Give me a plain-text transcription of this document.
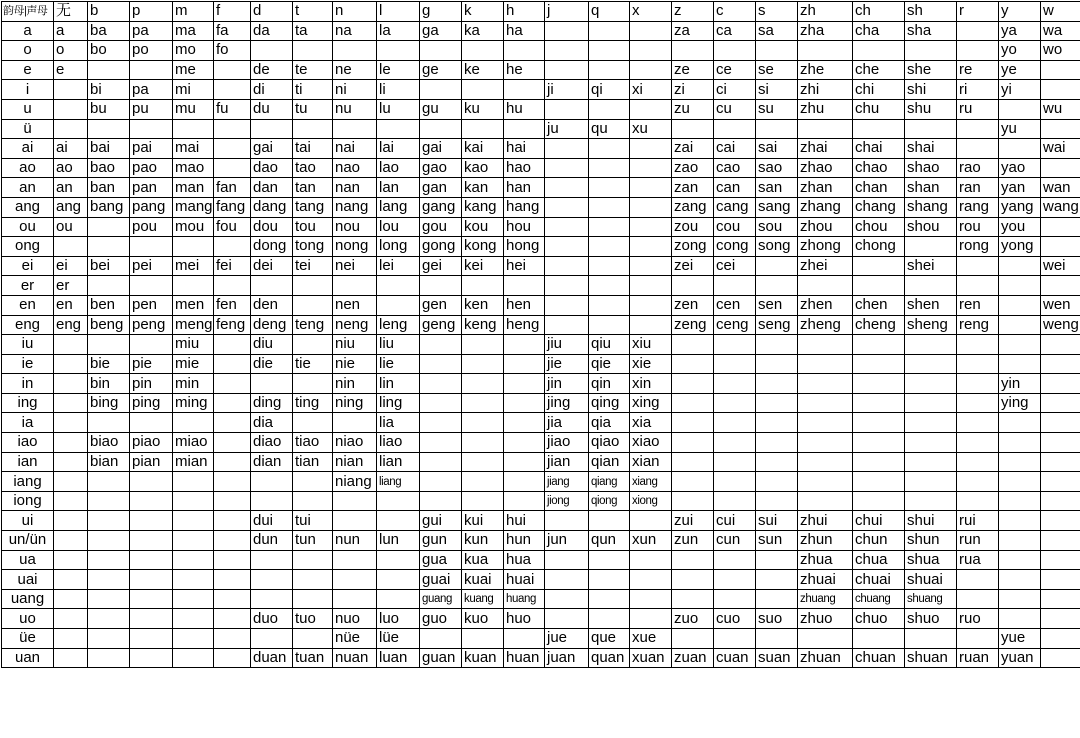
韵母|声母	无	b	p	m	f	d	t	n	l	g	k	h	j	q	x	z	c	s	zh	ch	sh	r	y	w
a	a	ba	pa	ma	fa	da	ta	na	la	ga	ka	ha				za	ca	sa	zha	cha	sha		ya	wa
o	o	bo	po	mo	fo																		yo	wo
e	e			me		de	te	ne	le	ge	ke	he				ze	ce	se	zhe	che	she	re	ye	
i		bi	pa	mi		di	ti	ni	li				ji	qi	xi	zi	ci	si	zhi	chi	shi	ri	yi	
u		bu	pu	mu	fu	du	tu	nu	lu	gu	ku	hu				zu	cu	su	zhu	chu	shu	ru		wu
ü													ju	qu	xu								yu	
ai	ai	bai	pai	mai		gai	tai	nai	lai	gai	kai	hai				zai	cai	sai	zhai	chai	shai			wai
ao	ao	bao	pao	mao		dao	tao	nao	lao	gao	kao	hao				zao	cao	sao	zhao	chao	shao	rao	yao	
an	an	ban	pan	man	fan	dan	tan	nan	lan	gan	kan	han				zan	can	san	zhan	chan	shan	ran	yan	wan
ang	ang	bang	pang	mang	fang	dang	tang	nang	lang	gang	kang	hang				zang	cang	sang	zhang	chang	shang	rang	yang	wang
ou	ou		pou	mou	fou	dou	tou	nou	lou	gou	kou	hou				zou	cou	sou	zhou	chou	shou	rou	you	
ong						dong	tong	nong	long	gong	kong	hong				zong	cong	song	zhong	chong		rong	yong	
ei	ei	bei	pei	mei	fei	dei	tei	nei	lei	gei	kei	hei				zei	cei		zhei		shei			wei
er	er																							
en	en	ben	pen	men	fen	den		nen		gen	ken	hen				zen	cen	sen	zhen	chen	shen	ren		wen
eng	eng	beng	peng	meng	feng	deng	teng	neng	leng	geng	keng	heng				zeng	ceng	seng	zheng	cheng	sheng	reng		weng
iu				miu		diu		niu	liu				jiu	qiu	xiu									
ie		bie	pie	mie		die	tie	nie	lie				jie	qie	xie									
in		bin	pin	min				nin	lin				jin	qin	xin								yin	
ing		bing	ping	ming		ding	ting	ning	ling				jing	qing	xing								ying	
ia						dia			lia				jia	qia	xia									
iao		biao	piao	miao		diao	tiao	niao	liao				jiao	qiao	xiao									
ian		bian	pian	mian		dian	tian	nian	lian				jian	qian	xian									
iang								niang	liang				jiang	qiang	xiang									
iong													jiong	qiong	xiong									
ui						dui	tui			gui	kui	hui				zui	cui	sui	zhui	chui	shui	rui		
un/ün						dun	tun	nun	lun	gun	kun	hun	jun	qun	xun	zun	cun	sun	zhun	chun	shun	run		
ua										gua	kua	hua							zhua	chua	shua	rua		
uai										guai	kuai	huai							zhuai	chuai	shuai			
uang										guang	kuang	huang							zhuang	chuang	shuang			
uo						duo	tuo	nuo	luo	guo	kuo	huo				zuo	cuo	suo	zhuo	chuo	shuo	ruo		
üe								nüe	lüe				jue	que	xue								yue	
uan						duan	tuan	nuan	luan	guan	kuan	huan	juan	quan	xuan	zuan	cuan	suan	zhuan	chuan	shuan	ruan	yuan	
